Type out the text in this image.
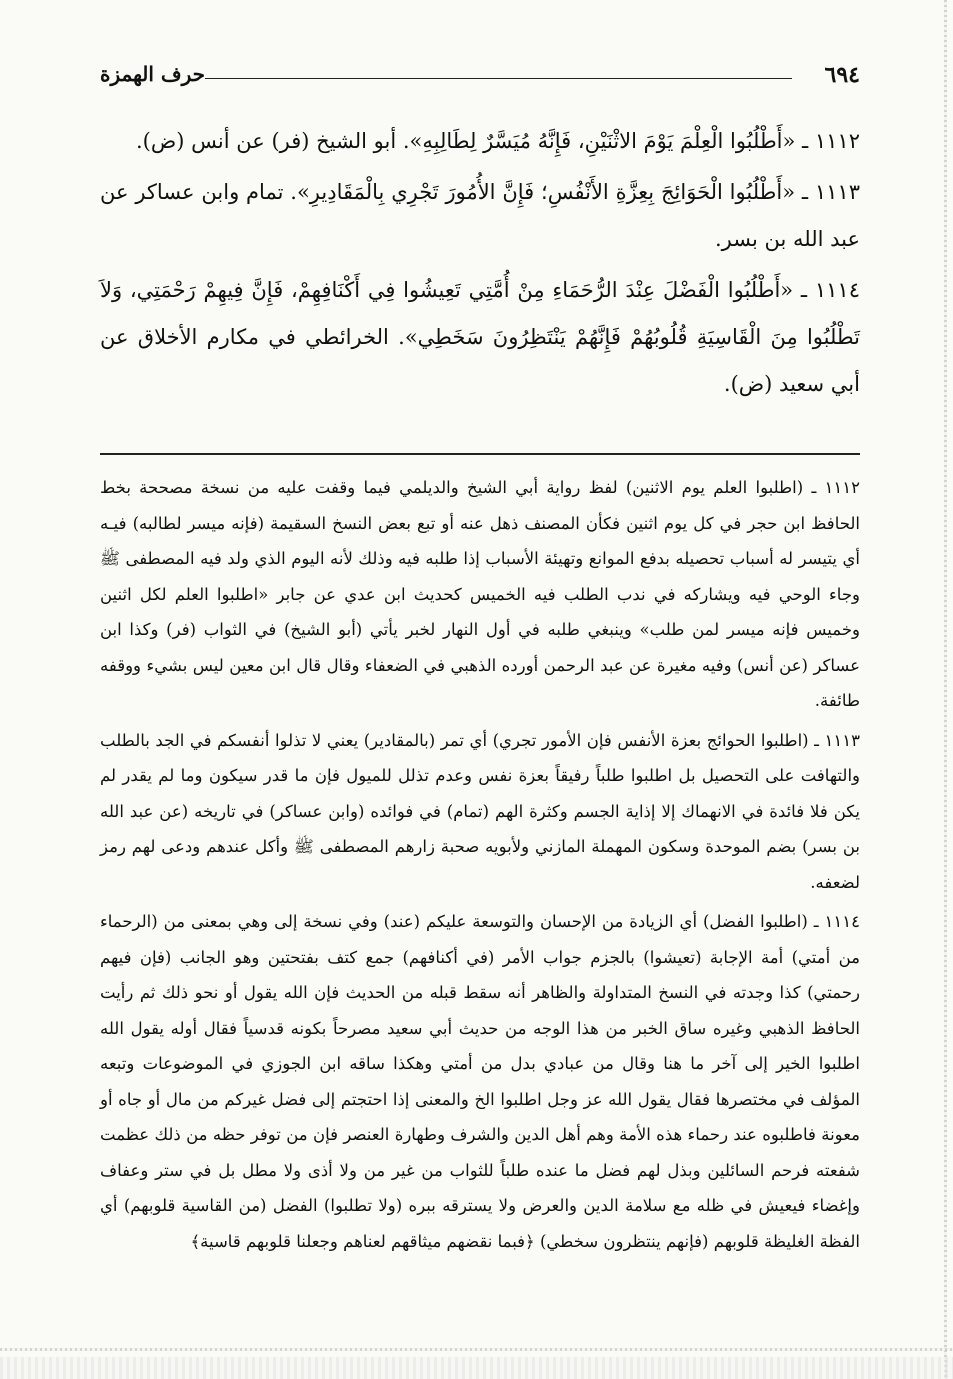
٦٩٤
حرف الهمزة

١١١٢ ـ «أَطْلُبُوا الْعِلْمَ يَوْمَ الاثْنَيْنِ، فَإِنَّهُ مُيَسَّرٌ لِطَالِبِهِ». أبو الشيخ (فر) عن أنس (ض).

١١١٣ ـ «أَطْلُبُوا الْحَوَائِجَ بِعِزَّةِ الأَنْفُسِ؛ فَإِنَّ الأُمُورَ تَجْرِي بِالْمَقَادِيرِ». تمام وابن عساكر عن عبد الله بن بسر.

١١١٤ ـ «أَطْلُبُوا الْفَضْلَ عِنْدَ الرُّحَمَاءِ مِنْ أُمَّتِي تَعِيشُوا فِي أَكْنَافِهِمْ، فَإِنَّ فِيهِمْ رَحْمَتِي، وَلاَ تَطْلُبُوا مِنَ الْقَاسِيَةِ قُلُوبُهُمْ فَإِنَّهُمْ يَنْتَظِرُونَ سَخَطِي». الخرائطي في مكارم الأخلاق عن أبي سعيد (ض).

١١١٢ ـ (اطلبوا العلم يوم الاثنين) لفظ رواية أبي الشيخ والديلمي فيما وقفت عليه من نسخة مصححة بخط الحافظ ابن حجر في كل يوم اثنين فكأن المصنف ذهل عنه أو تبع بعض النسخ السقيمة (فإنه ميسر لطالبه) فيـه أي يتيسر له أسباب تحصيله بدفع الموانع وتهيئة الأسباب إذا طلبه فيه وذلك لأنه اليوم الذي ولد فيه المصطفى ﷺ وجاء الوحي فيه ويشاركه في ندب الطلب فيه الخميس كحديث ابن عدي عن جابر «اطلبوا العلم لكل اثنين وخميس فإنه ميسر لمن طلب» وينبغي طلبه في أول النهار لخبر يأتي (أبو الشيخ) في الثواب (فر) وكذا ابن عساكر (عن أنس) وفيه مغيرة عن عبد الرحمن أورده الذهبي في الضعفاء وقال قال ابن معين ليس بشيء ووقفه طائفة.

١١١٣ ـ (اطلبوا الحوائج بعزة الأنفس فإن الأمور تجري) أي تمر (بالمقادير) يعني لا تذلوا أنفسكم في الجد بالطلب والتهافت على التحصيل بل اطلبوا طلباً رفيقاً بعزة نفس وعدم تذلل للميول فإن ما قدر سيكون وما لم يقدر لم يكن فلا فائدة في الانهماك إلا إذاية الجسم وكثرة الهم (تمام) في فوائده (وابن عساكر) في تاريخه (عن عبد الله بن بسر) بضم الموحدة وسكون المهملة المازني ولأبويه صحبة زارهم المصطفى ﷺ وأكل عندهم ودعى لهم رمز لضعفه.

١١١٤ ـ (اطلبوا الفضل) أي الزيادة من الإحسان والتوسعة عليكم (عند) وفي نسخة إلى وهي بمعنى من (الرحماء من أمتي) أمة الإجابة (تعيشوا) بالجزم جواب الأمر (في أكنافهم) جمع كتف بفتحتين وهو الجانب (فإن فيهم رحمتي) كذا وجدته في النسخ المتداولة والظاهر أنه سقط قبله من الحديث فإن الله يقول أو نحو ذلك ثم رأيت الحافظ الذهبي وغيره ساق الخبر من هذا الوجه من حديث أبي سعيد مصرحاً بكونه قدسياً فقال أوله يقول الله اطلبوا الخير إلى آخر ما هنا وقال من عبادي بدل من أمتي وهكذا ساقه ابن الجوزي في الموضوعات وتبعه المؤلف في مختصرها فقال يقول الله عز وجل اطلبوا الخ والمعنى إذا احتجتم إلى فضل غيركم من مال أو جاه أو معونة فاطلبوه عند رحماء هذه الأمة وهم أهل الدين والشرف وطهارة العنصر فإن من توفر حظه من ذلك عظمت شفعته فرحم السائلين وبذل لهم فضل ما عنده طلباً للثواب من غير من ولا أذى ولا مطل بل في ستر وعفاف وإغضاء فيعيش في ظله مع سلامة الدين والعرض ولا يسترقه ببره (ولا تطلبوا) الفضل (من القاسية قلوبهم) أي الفظة الغليظة قلوبهم (فإنهم ينتظرون سخطي) ﴿فبما نقضهم ميثاقهم لعناهم وجعلنا قلوبهم قاسية﴾
